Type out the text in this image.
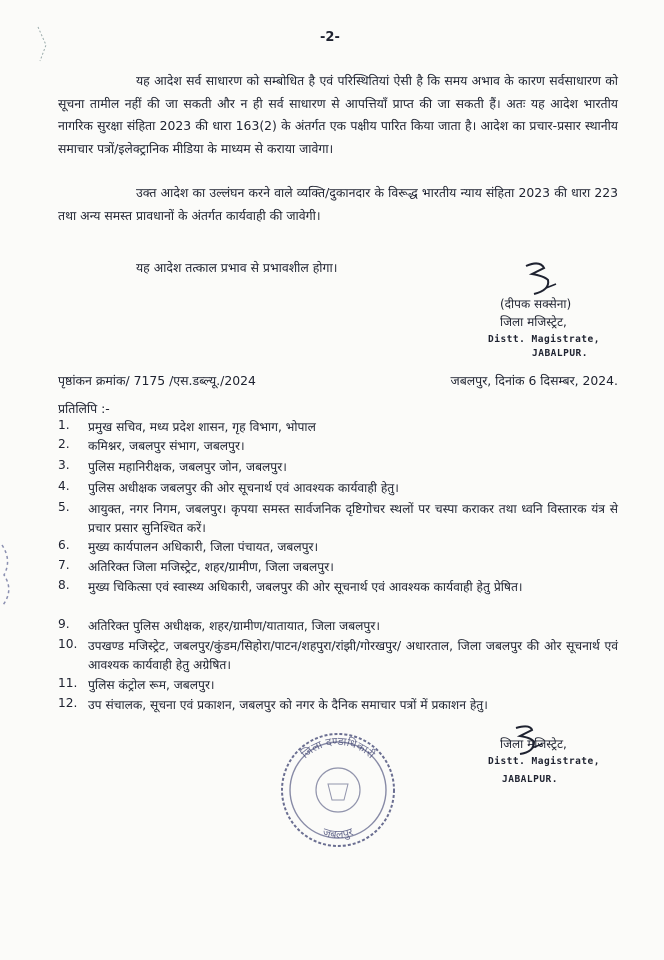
-2-
यह आदेश सर्व साधारण को सम्बोधित है एवं परिस्थितियां ऐसी है कि समय अभाव के कारण सर्वसाधारण को सूचना तामील नहीं की जा सकती और न ही सर्व साधारण से आपत्तियॉं प्राप्त की जा सकती हैं। अतः यह आदेश भारतीय नागरिक सुरक्षा संहिता 2023 की धारा 163(2) के अंतर्गत एक पक्षीय पारित किया जाता है। आदेश का प्रचार-प्रसार स्थानीय समाचार पत्रों/इलेक्ट्रानिक मीडिया के माध्यम से कराया जावेगा।
उक्त आदेश का उल्लंघन करने वाले व्यक्ति/दुकानदार के विरूद्ध भारतीय न्याय संहिता 2023 की धारा 223 तथा अन्य समस्त प्रावधानों के अंतर्गत कार्यवाही की जावेगी।
यह आदेश तत्काल प्रभाव से प्रभावशील होगा।
(दीपक सक्सेना)
जिला मजिस्ट्रेट,
Distt. Magistrate,
JABALPUR.
पृष्ठांकन क्रमांक/ 7175 /एस.डब्ल्यू./2024	जबलपुर, दिनांक 6 दिसम्बर, 2024.
प्रतिलिपि :-
1.	प्रमुख सचिव, मध्य प्रदेश शासन, गृह विभाग, भोपाल
2.	कमिश्नर, जबलपुर संभाग, जबलपुर।
3.	पुलिस महानिरीक्षक, जबलपुर जोन, जबलपुर।
4.	पुलिस अधीक्षक जबलपुर की ओर सूचनार्थ एवं आवश्यक कार्यवाही हेतु।
5.	आयुक्त, नगर निगम, जबलपुर। कृपया समस्त सार्वजनिक दृष्टिगोचर स्थलों पर चस्पा कराकर तथा ध्वनि विस्तारक यंत्र से प्रचार प्रसार सुनिश्चित करें।
6.	मुख्य कार्यपालन अधिकारी, जिला पंचायत, जबलपुर।
7.	अतिरिक्त जिला मजिस्ट्रेट, शहर/ग्रामीण, जिला जबलपुर।
8.	मुख्य चिकित्सा एवं स्वास्थ्य अधिकारी, जबलपुर की ओर सूचनार्थ एवं आवश्यक कार्यवाही हेतु प्रेषित।
9.	अतिरिक्त पुलिस अधीक्षक, शहर/ग्रामीण/यातायात, जिला जबलपुर।
10. उपखण्ड मजिस्ट्रेट, जबलपुर/कुंडम/सिहोरा/पाटन/शहपुरा/रांझी/गोरखपुर/ अधारताल, जिला जबलपुर की ओर सूचनार्थ एवं आवश्यक कार्यवाही हेतु अग्रेषित।
11. पुलिस कंट्रोल रूम, जबलपुर।
12. उप संचालक, सूचना एवं प्रकाशन, जबलपुर को नगर के दैनिक समाचार पत्रों में प्रकाशन हेतु।
जिला दण्डाधिकारी
जबलपुर
जिला मजिस्ट्रेट,
Distt. Magistrate,
JABALPUR.
